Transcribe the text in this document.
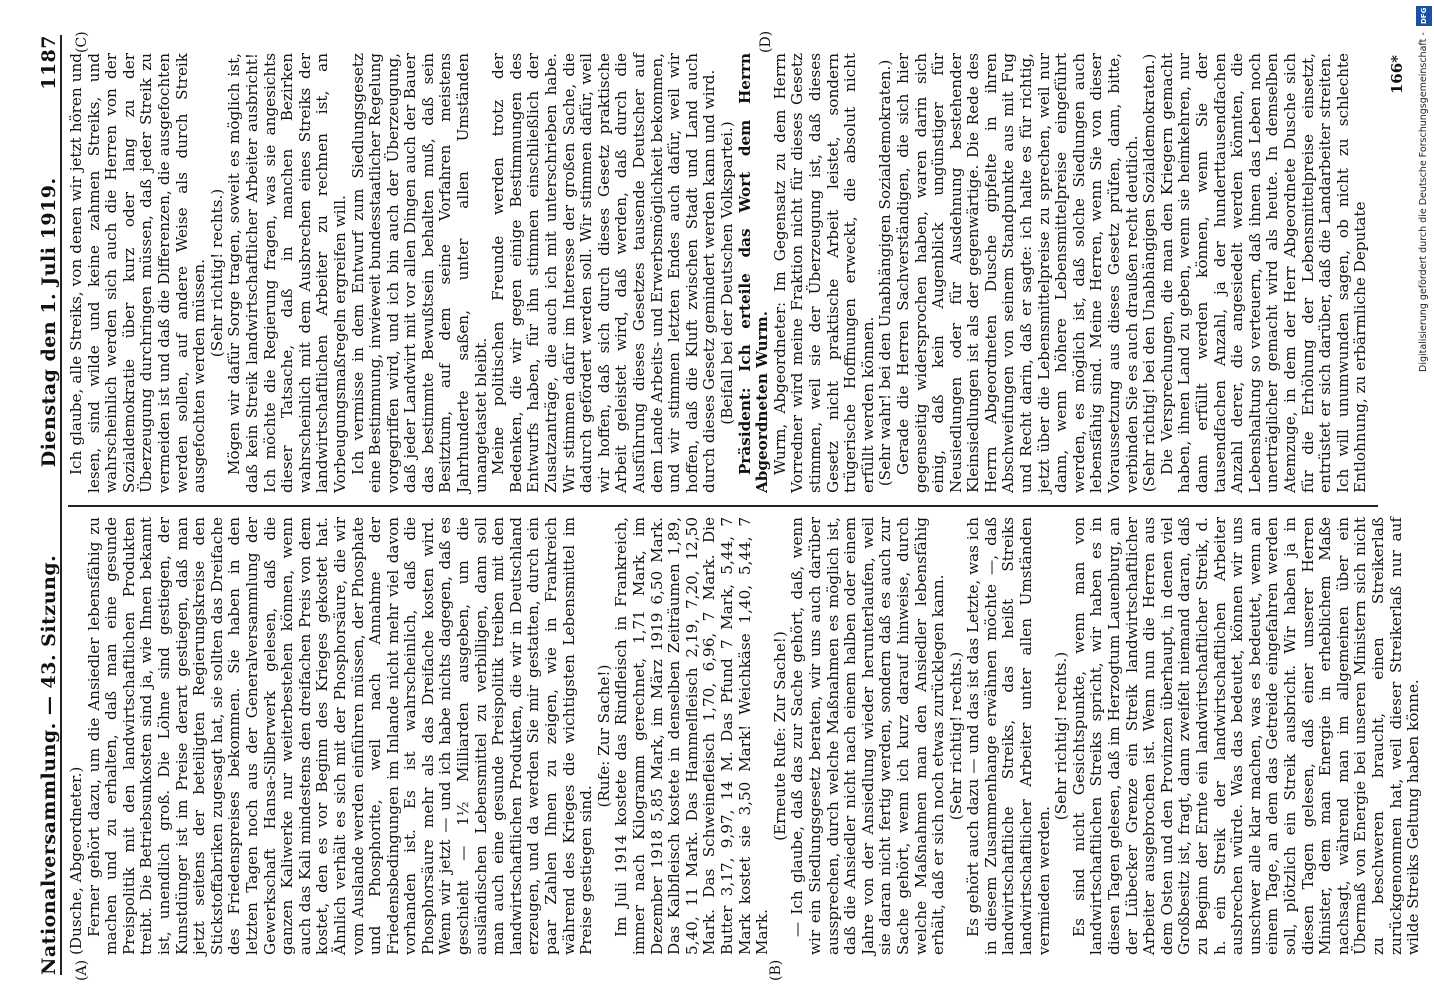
Nationalversammlung. — 43. Sitzung.
Dienstag den 1. Juli 1919.
1187
(A)	(B)
(C)	(D)

(Dusche, Abgeordneter.) Ferner gehört dazu, um die Ansiedler lebensfähig zu machen und zu erhalten, daß man eine gesunde Preispolitik mit den landwirtschaftlichen Produkten treibt. Die Betriebsunkosten sind ja, wie Ihnen bekannt ist, unendlich groß. Die Löhne sind gestiegen, der Kunstdünger ist im Preise derart gestiegen, daß man jetzt seitens der beteiligten Regierungskreise den Stickstoffabriken zugesagt hat, sie sollten das Dreifache des Friedenspreises bekommen. Sie haben in den letzten Tagen noch aus der Generalversammlung der Gewerkschaft Hansa-Silberwerk gelesen, daß die ganzen Kaliwerke nur weiterbestehen können, wenn auch das Kali mindestens den dreifachen Preis von dem kostet, den es vor Beginn des Krieges gekostet hat. Ähnlich verhält es sich mit der Phosphorsäure, die wir vom Auslande werden einführen müssen, der Phosphate und Phosphorite, weil nach Annahme der Friedensbedingungen im Inlande nicht mehr viel davon vorhanden ist. Es ist wahrscheinlich, daß die Phosphorsäure mehr als das Dreifache kosten wird. Wenn wir jetzt — und ich habe nichts dagegen, daß es geschieht — 1½ Milliarden ausgeben, um die ausländischen Lebensmittel zu verbilligen, dann soll man auch eine gesunde Preispolitik treiben mit den landwirtschaftlichen Produkten, die wir in Deutschland erzeugen, und da werden Sie mir gestatten, durch ein paar Zahlen Ihnen zu zeigen, wie in Frankreich während des Krieges die wichtigsten Lebensmittel im Preise gestiegen sind.

(Rufe: Zur Sache!) Im Juli 1914 kostete das Rindfleisch in Frankreich, immer nach Kilogramm gerechnet, 1,71 Mark, im Dezember 1918 5,85 Mark, im März 1919 6,50 Mark. Das Kalbfleisch kostete in denselben Zeiträumen 1,89, 5,40, 11 Mark. Das Hammelfleisch 2,19, 7,20, 12,50 Mark. Das Schweinefleisch 1,70, 6,96, 7 Mark. Die Butter 3,17, 9,97, 14 M. Das Pfund 7 Mark, 5,44, 7 Mark kostet sie 3,50 Mark! Weichkäse 1,40, 5,44, 7 Mark.

(Erneute Rufe: Zur Sache!) — Ich glaube, daß das zur Sache gehört, daß, wenn wir ein Siedlungsgesetz beraten, wir uns auch darüber aussprechen, durch welche Maßnahmen es möglich ist, daß die Ansiedler nicht nach einem halben oder einem Jahre von der Ansiedlung wieder herunterlaufen, weil sie daran nicht fertig werden, sondern daß es auch zur Sache gehört, wenn ich kurz darauf hinweise, durch welche Maßnahmen man den Ansiedler lebensfähig erhält, daß er sich noch etwas zurücklegen kann. (Sehr richtig! rechts.) Es gehört auch dazu — und das ist das Letzte, was ich in diesem Zusammenhange erwähnen möchte —, daß landwirtschaftliche Streiks, das heißt Streiks landwirtschaftlicher Arbeiter unter allen Umständen vermieden werden.

(Sehr richtig! rechts.) Es sind nicht Gesichtspunkte, wenn man von landwirtschaftlichen Streiks spricht, wir haben es in diesen Tagen gelesen, daß im Herzogtum Lauenburg, an der Lübecker Grenze ein Streik landwirtschaftlicher Arbeiter ausgebrochen ist. Wenn nun die Herren aus dem Osten und den Provinzen überhaupt, in denen viel Großbesitz ist, fragt, dann zweifelt niemand daran, daß zu Beginn der Ernte ein landwirtschaftlicher Streik, d. h. ein Streik der landwirtschaftlichen Arbeiter ausbrechen würde. Was das bedeutet, können wir uns unschwer alle klar machen, was es bedeutet, wenn an einem Tage, an dem das Getreide eingefahren werden soll, plötzlich ein Streik ausbricht. Wir haben ja in diesen Tagen gelesen, daß einer unserer Herren Minister, dem man Energie in erheblichem Maße nachsagt, während man im allgemeinen über ein Übermaß von Energie bei unseren Ministern sich nicht zu beschweren braucht, einen Streikerlaß zurückgenommen hat, weil dieser Streikerlaß nur auf wilde Streiks Geltung haben könne.

Ich glaube, alle Streiks, von denen wir jetzt hören und lesen, sind wilde und keine zahmen Streiks, und wahrscheinlich werden sich auch die Herren von der Sozialdemokratie über kurz oder lang zu der Überzeugung durchringen müssen, daß jeder Streik zu vermeiden ist und daß die Differenzen, die ausgefochten werden sollen, auf andere Weise als durch Streik ausgefochten werden müssen. (Sehr richtig! rechts.) Mögen wir dafür Sorge tragen, soweit es möglich ist, daß kein Streik landwirtschaftlicher Arbeiter ausbricht! Ich möchte die Regierung fragen, was sie angesichts dieser Tatsache, daß in manchen Bezirken wahrscheinlich mit dem Ausbrechen eines Streiks der landwirtschaftlichen Arbeiter zu rechnen ist, an Vorbeugungsmaßregeln ergreifen will. Ich vermisse in dem Entwurf zum Siedlungsgesetz eine Bestimmung, inwieweit bundesstaatlicher Regelung vorgegriffen wird, und ich bin auch der Überzeugung, daß jeder Landwirt mit vor allen Dingen auch der Bauer das bestimmte Bewußtsein behalten muß, daß sein Besitztum, auf dem seine Vorfahren meistens Jahrhunderte saßen, unter allen Umständen unangetastet bleibt. Meine politischen Freunde werden trotz der Bedenken, die wir gegen einige Bestimmungen des Entwurfs haben, für ihn stimmen einschließlich der Zusatzanträge, die auch ich mit unterschrieben habe. Wir stimmen dafür im Interesse der großen Sache, die dadurch gefördert werden soll. Wir stimmen dafür, weil wir hoffen, daß sich durch dieses Gesetz praktische Arbeit geleistet wird, daß werden, daß durch die Ausführung dieses Gesetzes tausende Deutscher auf dem Lande Arbeits- und Erwerbsmöglichkeit bekommen, und wir stimmen letzten Endes auch dafür, weil wir hoffen, daß die Kluft zwischen Stadt und Land auch durch dieses Gesetz gemindert werden kann und wird. (Beifall bei der Deutschen Volkspartei.) Präsident: Ich erteile das Wort dem Herrn Abgeordneten Wurm. Wurm, Abgeordneter: Im Gegensatz zu dem Herrn Vorredner wird meine Fraktion nicht für dieses Gesetz stimmen, weil sie der Überzeugung ist, daß dieses Gesetz nicht praktische Arbeit leistet, sondern trügerische Hoffnungen erweckt, die absolut nicht erfüllt werden können. (Sehr wahr! bei den Unabhängigen Sozialdemokraten.) Gerade die Herren Sachverständigen, die sich hier gegenseitig widersprochen haben, waren darin sich einig, daß kein Augenblick ungünstiger für Neusiedlungen oder für Ausdehnung bestehender Kleinsiedlungen ist als der gegenwärtige. Die Rede des Herrn Abgeordneten Dusche gipfelte in ihren Abschweifungen von seinem Standpunkte aus mit Fug und Recht darin, daß er sagte: ich halte es für richtig, jetzt über die Lebensmittelpreise zu sprechen, weil nur dann, wenn höhere Lebensmittelpreise eingeführt werden, es möglich ist, daß solche Siedlungen auch lebensfähig sind. Meine Herren, wenn Sie von dieser Voraussetzung aus dieses Gesetz prüfen, dann, bitte, verbinden Sie es auch draußen recht deutlich. (Sehr richtig! bei den Unabhängigen Sozialdemokraten.) Die Versprechungen, die man den Kriegern gemacht haben, ihnen Land zu geben, wenn sie heimkehren, nur dann erfüllt werden können, wenn Sie der tausendfachen Anzahl, ja der hunderttausendfachen Anzahl derer, die angesiedelt werden könnten, die Lebenshaltung so verteuern, daß ihnen das Leben noch unerträglicher gemacht wird als heute. In demselben Atemzuge, in dem der Herr Abgeordnete Dusche sich für die Erhöhung der Lebensmittelpreise einsetzt, entrüstet er sich darüber, daß die Landarbeiter streiten. Ich will unumwunden sagen, ob nicht zu schlechte Entlohnung, zu erbärmliche Deputate

166*
DFG
Digitalisierung gefördert durch die Deutsche Forschungsgemeinschaft -
